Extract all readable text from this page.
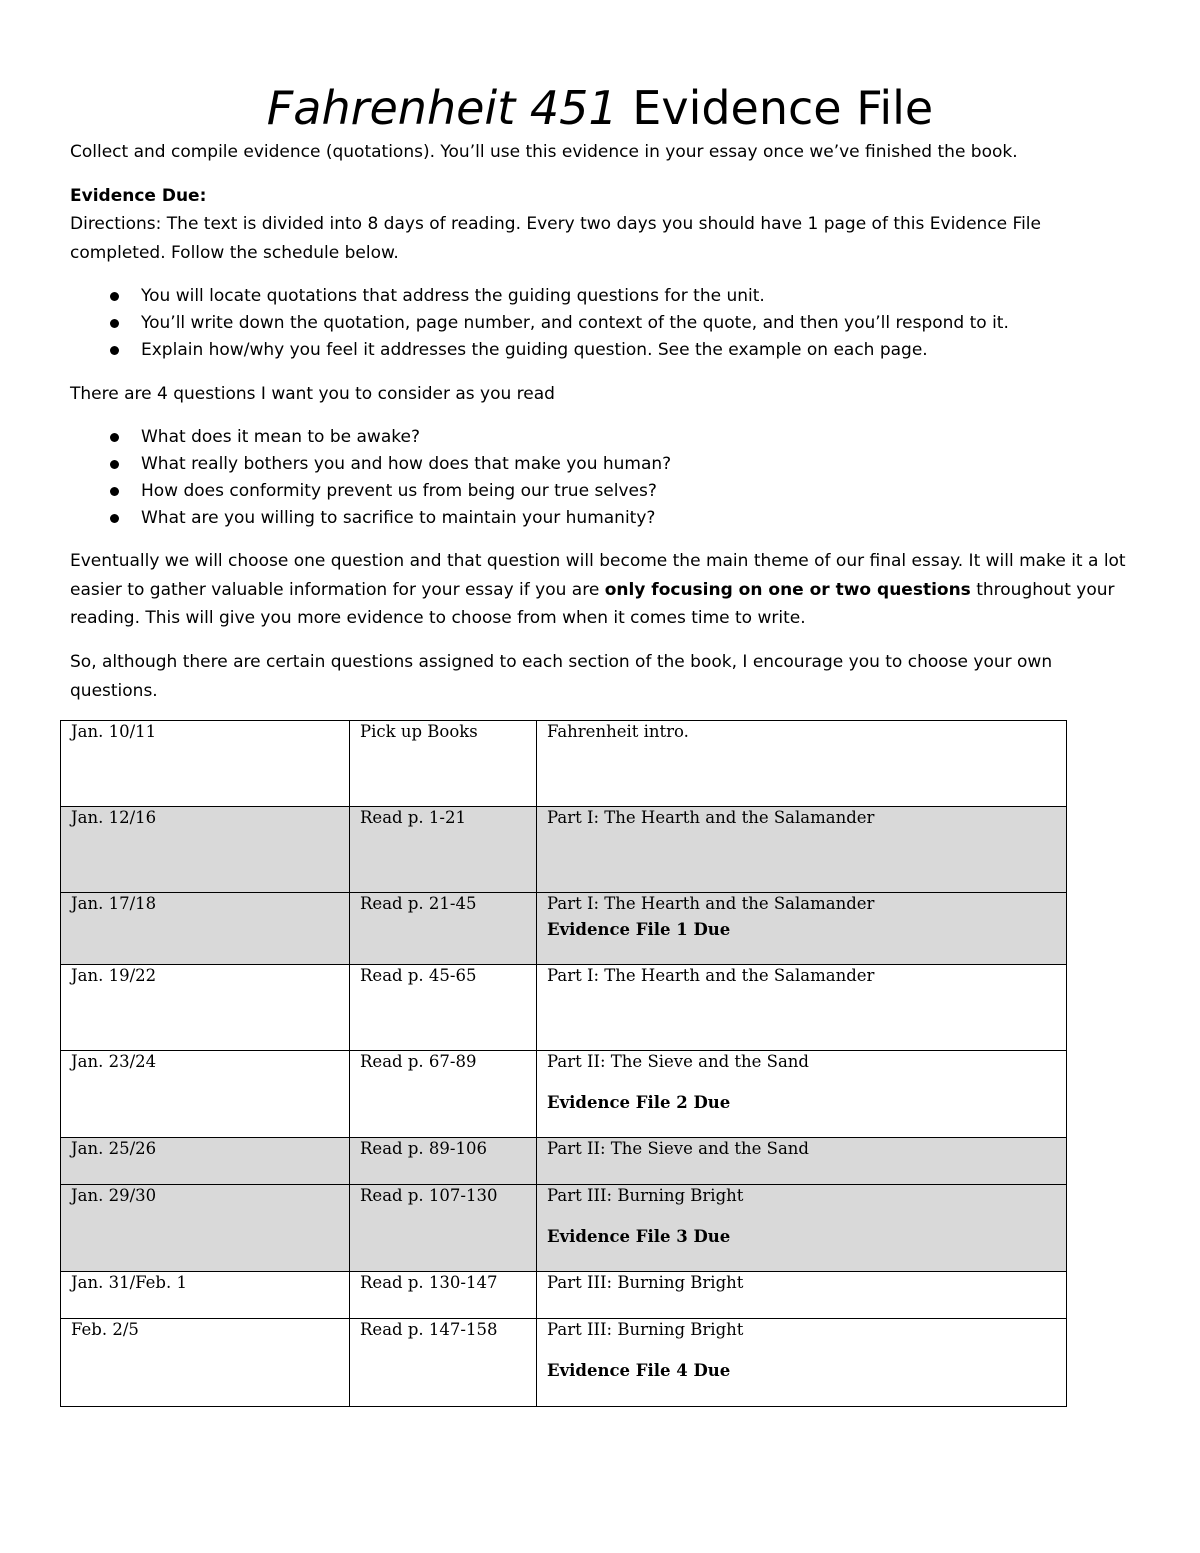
Fahrenheit 451 Evidence File
Collect and compile evidence (quotations). You’ll use this evidence in your essay once we’ve finished the book.
Evidence Due:
Directions: The text is divided into 8 days of reading. Every two days you should have 1 page of this Evidence File completed. Follow the schedule below.
You will locate quotations that address the guiding questions for the unit.
You’ll write down the quotation, page number, and context of the quote, and then you’ll respond to it.
Explain how/why you feel it addresses the guiding question. See the example on each page.
There are 4 questions I want you to consider as you read
What does it mean to be awake?
What really bothers you and how does that make you human?
How does conformity prevent us from being our true selves?
What are you willing to sacrifice to maintain your humanity?
Eventually we will choose one question and that question will become the main theme of our final essay. It will make it a lot easier to gather valuable information for your essay if you are only focusing on one or two questions throughout your reading. This will give you more evidence to choose from when it comes time to write.
So, although there are certain questions assigned to each section of the book, I encourage you to choose your own questions.
Jan. 10/11	Pick up Books	Fahrenheit intro.
Jan. 12/16	Read p. 1-21	Part I: The Hearth and the Salamander
Jan. 17/18	Read p. 21-45	Part I: The Hearth and the Salamander
Evidence File 1 Due

Jan. 19/22	Read p. 45-65	Part I: The Hearth and the Salamander
Jan. 23/24	Read p. 67-89	Part II: The Sieve and the Sand
Evidence File 2 Due

Jan. 25/26	Read p. 89-106	Part II: The Sieve and the Sand
Jan. 29/30	Read p. 107-130	Part III: Burning Bright
Evidence File 3 Due

Jan. 31/Feb. 1	Read p. 130-147	Part III: Burning Bright
Feb. 2/5	Read p. 147-158	Part III: Burning Bright
Evidence File 4 Due
